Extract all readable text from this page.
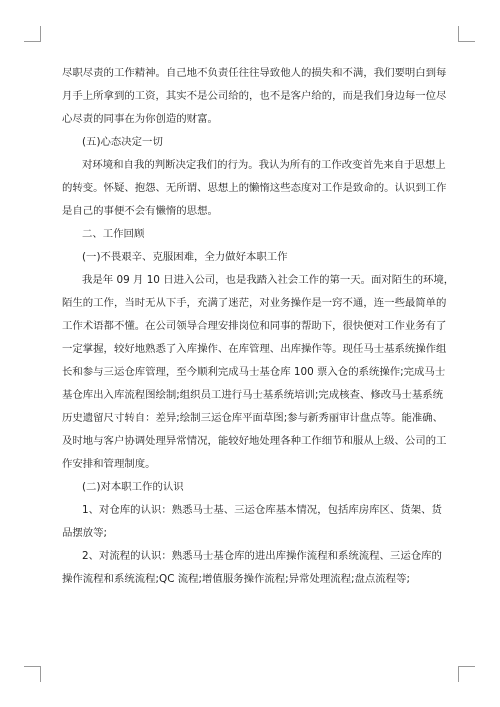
尽职尽责的工作精神。自己地不负责任往往导致他人的损失和不满，我们要明白到每
月手上所拿到的工资，其实不是公司给的，也不是客户给的，而是我们身边每一位尽
心尽责的同事在为你创造的财富。
(五)心态决定一切
对环境和自我的判断决定我们的行为。我认为所有的工作改变首先来自于思想上
的转变。怀疑、抱怨、无所谓、思想上的懒惰这些态度对工作是致命的。认识到工作
是自己的事便不会有懒惰的思想。
二、工作回顾
(一)不畏艰辛、克服困难，全力做好本职工作
我是年 09 月 10 日进入公司，也是我踏入社会工作的第一天。面对陌生的环境，
陌生的工作，当时无从下手，充满了迷茫，对业务操作是一窍不通，连一些最简单的
工作术语都不懂。在公司领导合理安排岗位和同事的帮助下，很快便对工作业务有了
一定掌握，较好地熟悉了入库操作、在库管理、出库操作等。现任马士基系统操作组
长和参与三运仓库管理，至今顺利完成马士基仓库 100 票入仓的系统操作;完成马士
基仓库出入库流程图绘制;组织员工进行马士基系统培训;完成核查、修改马士基系统
历史遗留尺寸转自：差异;绘制三运仓库平面草图;参与新秀丽审计盘点等。能准确、
及时地与客户协调处理异常情况，能较好地处理各种工作细节和服从上级、公司的工
作安排和管理制度。
(二)对本职工作的认识
1、对仓库的认识：熟悉马士基、三运仓库基本情况，包括库房库区、货架、货
品摆放等;
2、对流程的认识：熟悉马士基仓库的进出库操作流程和系统流程、三运仓库的
操作流程和系统流程;QC 流程;增值服务操作流程;异常处理流程;盘点流程等;
